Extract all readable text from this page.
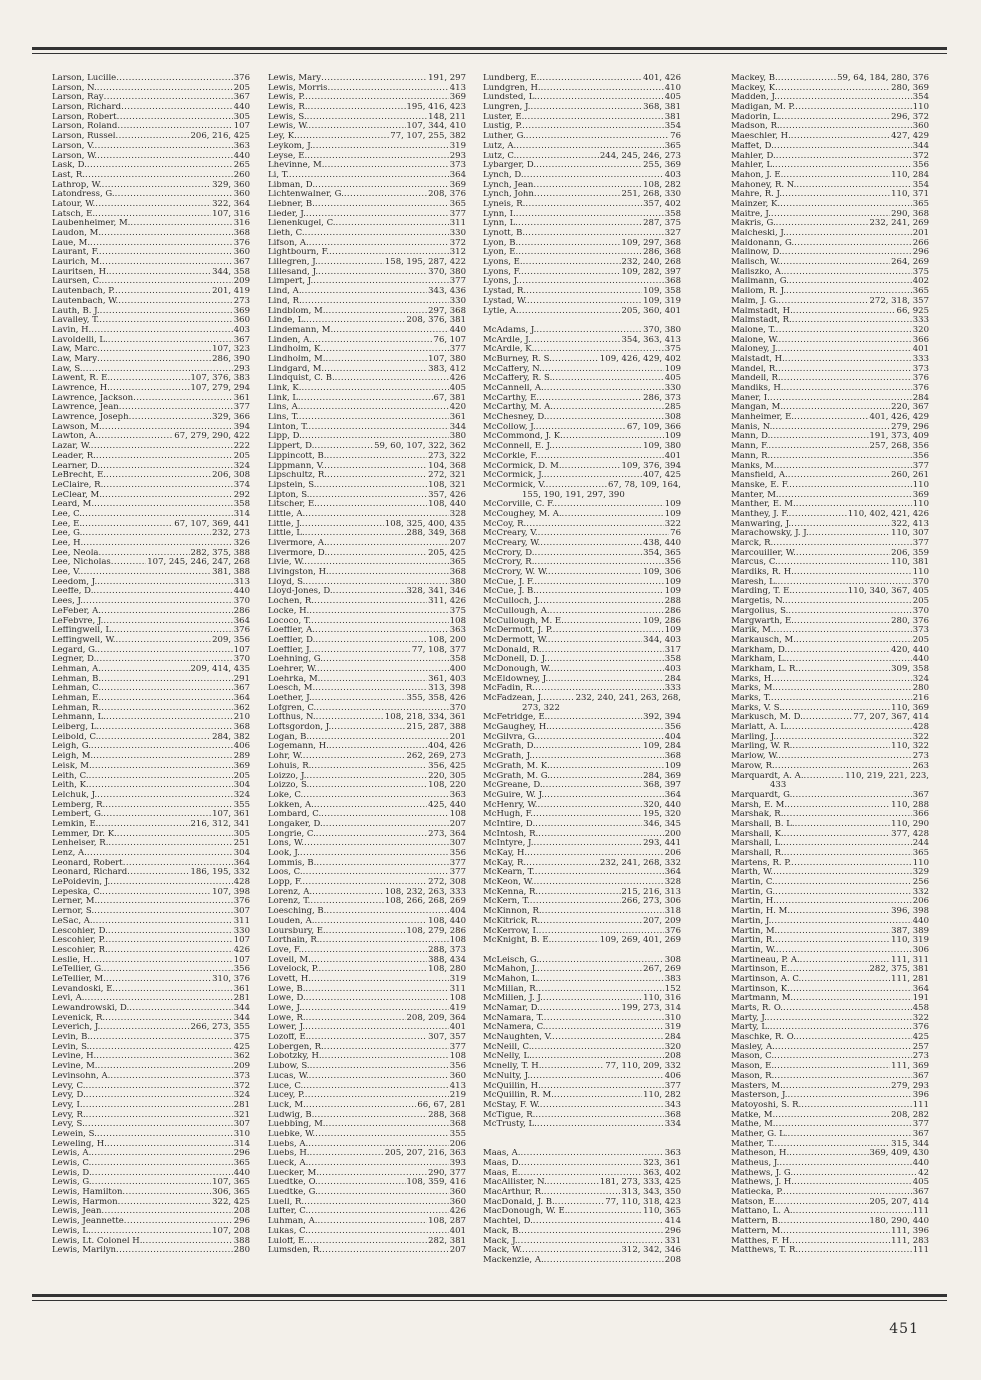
Larson, Lucille .....	376
Larson, N. .....	205
Larson, Ray .....	367
Larson, Richard .....	440
Larson, Robert .....	305
Larson, Roland .....	107
Larson, Russel .....	206, 216, 425
Larson, V. .....	363
Larson, W. .....	440
Lask, D. .....	265
Last, R. .....	260
Lathrop, W. .....	329, 360
Latondress, G. .....	360
Latour, W. .....	322, 364
Latsch, E. .....	107, 316
Laubenheimer, M. .....	316
Laudon, M. .....	368
Laue, M. .....	376
Laurant, F. .....	360
Laurich, M. .....	367
Lauritsen, H. .....	344, 358
Laursen, C. .....	209
Lautenbach, P. .....	201, 419
Lautenbach, W. .....	273
Lauth, B. J. .....	369
Lavalley, T. .....	360
Lavin, H. .....	403
Lavoldelli, L. .....	367
Law, Marc .....	107, 323
Law, Mary .....	286, 390
Law, S. .....	293
Lawent, R. E. .....	107, 376, 383
Lawrence, H. .....	107, 279, 294
Lawrence, Jackson .....	361
Lawrence, Jean .....	377
Lawrence, Joseph .....	329, 366
Lawson, M. .....	394
Lawton, A. .....	67, 279, 290, 422
Lazar, W. .....	222
Leader, R. .....	205
Learner, D. .....	324
LeBrecht, E. .....	206, 308
LeClaire, R. .....	374
LeClear, M. .....	292
Leard, M. .....	358
Lee, C. .....	314
Lee, E. .....	67, 107, 369, 441
Lee, G. .....	232, 273
Lee, H. .....	326
Lee, Neola .....	282, 375, 388
Lee, Nicholas .....	107, 245, 246, 247, 268
Lee, V. .....	381, 388
Leedom, J. .....	313
Leeffe, D. .....	440
Lees, J. .....	370
LeFeber, A. .....	286
LeFebvre, J. .....	364
Leffingwell, L. .....	376
Leffingwell, W. .....	209, 356
Legard, G. .....	107
Legner, D. .....	370
Lehman, A. .....	209, 414, 435
Lehman, B. .....	291
Lehman, C. .....	367
Lehman, E. .....	364
Lehman, R. .....	362
Lehmann, L. .....	210
Leiberg, L. .....	368
Leibold, C. .....	284, 382
Leigh, G. .....	406
Leigh, M. .....	289
Leisk, M. .....	369
Leith, C. .....	205
Leith, K. .....	304
Lelchuk, J. .....	324
Lemberg, R. .....	355
Lembert, G. .....	107, 361
Lemkin, E. .....	216, 312, 341
Lemmer, Dr. K. .....	305
Lenheiser, R. .....	251
Lenz, A. .....	304
Leonard, Robert .....	364
Leonard, Richard .....	186, 195, 332
LePoidevin, J. .....	428
Lepeska, C. .....	107, 398
Lerner, M. .....	376
Lernor, S. .....	307
LeSac, A. .....	311
Lescohier, D. .....	330
Lescohier, P. .....	107
Lescohier, R. .....	426
Leslie, H. .....	107
LeTellier, G. .....	356
LeTellier, M. .....	310, 376
Levandoski, E. .....	361
Levi, A. .....	281
Lewandrowski, D. .....	344
Levenick, R. .....	344
Leverich, J. .....	266, 273, 355
Levin, B. .....	375
Levin, S. .....	425
Levine, H. .....	362
Levine, M. .....	209
Levinsohn, A. .....	373
Levy, C. .....	372
Levy, D. .....	324
Levy, I. .....	281
Levy, R. .....	321
Levy, S. .....	307
Lewein, S. .....	310
Leweling, H. .....	314
Lewis, A. .....	296
Lewis, C. .....	365
Lewis, D. .....	440
Lewis, G. .....	107, 365
Lewis, Hamilton .....	306, 365
Lewis, Harmon .....	322, 425
Lewis, Jean .....	208
Lewis, Jeannette .....	296
Lewis, L. .....	107, 208
Lewis, Lt. Colonel H. .....	388
Lewis, Marilyn .....	280
Lewis, Mary .....	191, 297
Lewis, Morris .....	413
Lewis, P. .....	369
Lewis, R. .....	195, 416, 423
Lewis, S. .....	148, 211
Lewis, W. .....	107, 344, 410
Ley, K. .....	77, 107, 255, 382
Leykom, J. .....	319
Leyse, E. .....	293
Lhevinne, M. .....	373
Li, T. .....	364
Libman, D. .....	369
Lichtenwalner, G. .....	208, 376
Liebner, B. .....	365
Lieder, J. .....	377
Lienenkugel, C. .....	311
Lieth, C. .....	330
Lifson, A. .....	372
Lightbourn, F. .....	312
Lillegren, J. .....	158, 195, 287, 422
Lillesand, J. .....	370, 380
Limpert, J. .....	377
Lind, A. .....	343, 436
Lind, R. .....	330
Lindblom, M. .....	297, 368
Linde, L. .....	208, 376, 381
Lindemann, M. .....	440
Linden, A. .....	76, 107
Lindholm, K. .....	377
Lindholm, M. .....	107, 380
Lindgard, M. .....	383, 412
Lindquist, C. B. .....	426
Link, K. .....	405
Link, L. .....	67, 381
Lins, A. .....	420
Lins, T. .....	361
Linton, T. .....	344
Lipp, D. .....	380
Lippert, D. .....	59, 60, 107, 322, 362
Lippincott, B. .....	273, 322
Lippmann, V. .....	104, 368
Lipschultz, R. .....	272, 321
Lipstein, S. .....	108, 321
Lipton, S. .....	357, 426
Litscher, E. .....	108, 440
Little, A. .....	328
Little, J. .....	108, 325, 400, 435
Little, L. .....	288, 349, 368
Livermore, A. .....	207
Livermore, D. .....	205, 425
Livie, W. .....	365
Livingston, H. .....	368
Lloyd, S. .....	380
Lloyd-Jones, D. .....	328, 341, 346
Lochen, R. .....	311, 426
Locke, H. .....	375
Lococo, T. .....	108
Loeffler, A. .....	363
Loeffler, D. .....	108, 200
Loeffler, J. .....	77, 108, 377
Loehning, G. .....	358
Loehrer, W. .....	400
Loehrka, M. .....	361, 403
Loesch, M. .....	313, 398
Loether, J. .....	355, 358, 426
Lofgren, C. .....	370
Lofthus, N. .....	108, 218, 334, 361
Loftsgordon, J. .....	215, 287, 388
Logan, B. .....	201
Logemann, H. .....	404, 426
Lohr, W. .....	262, 269, 273
Lohuis, R. .....	356, 425
Loizzo, J. .....	220, 305
Loizzo, S. .....	108, 220
Loke, C. .....	363
Lokken, A. .....	425, 440
Lombard, C. .....	108
Longaker, D. .....	207
Longrie, C. .....	273, 364
Lons, W. .....	307
Look, J. .....	356
Lommis, B. .....	377
Loos, C. .....	377
Lopp, F. .....	272, 308
Lorenz, A. .....	108, 232, 263, 333
Lorenz, T. .....	108, 266, 268, 269
Loesching, B. .....	404
Louden, A. .....	108, 440
Loursbury, E. .....	108, 279, 286
Lorthain, R. .....	108
Love, F. .....	288, 373
Lovell, M. .....	388, 434
Lovelock, P. .....	108, 280
Lovett, H. .....	319
Lowe, B. .....	311
Lowe, D. .....	108
Lowe, J. .....	419
Lowe, R. .....	208, 209, 364
Lower, J. .....	401
Lozoff, E. .....	307, 357
Lobergen, R. .....	377
Lobotzky, H. .....	108
Lubow, S. .....	356
Lucas, W. .....	360
Luce, C. .....	413
Lucey, P. .....	219
Luck, M. .....	66, 67, 281
Ludwig, B. .....	288, 368
Luebbing, M. .....	368
Luebke, W. .....	355
Luebs, A. .....	206
Luebs, H. .....	205, 207, 216, 363
Lueck, A. .....	393
Luecker, M. .....	290, 377
Luedtke, O. .....	108, 359, 416
Luedtke, G. .....	360
Luell, R. .....	360
Lufter, C. .....	426
Luhman, A. .....	108, 287
Lukas, C. .....	401
Luloff, E. .....	282, 381
Lumsden, R. .....	207
Lundberg, E. .....	401, 426
Lundgren, H. .....	410
Lundsted, L. .....	405
Lungren, J. .....	368, 381
Luster, E. .....	381
Lustig, P. .....	354
Luther, G. .....	76
Lutz, A. .....	365
Lutz, C. .....	244, 245, 246, 273
Lybarger, D. .....	255, 369
Lynch, D. .....	403
Lynch, Jean .....	108, 282
Lynch, John .....	251, 268, 330
Lyneis, R. .....	357, 402
Lynn, I. .....	358
Lynn, L. .....	287, 375
Lynott, B. .....	327
Lyon, B. .....	109, 297, 368
Lyon, E. .....	286, 368
Lyons, E. .....	232, 240, 268
Lyons, F. .....	109, 282, 397
Lyons, J. .....	368
Lystad, R. .....	109, 358
Lystad, W. .....	109, 319
Lytle, A. .....	205, 360, 401
McAdams, J. .....	370, 380
McArdle, J. .....	354, 363, 413
McArdle, K. .....	375
McBurney, R. S. .....	109, 426, 429, 402
McCaffery, N. .....	109
McCaffery, R. S. .....	405
McCannell, A. .....	330
McCarthy, E. .....	286, 373
McCarthy, M. A. .....	285
McChesney, D. .....	308
McCollow, J. .....	67, 109, 366
McCommond, J. K. .....	109
McConnell, E. J. .....	109, 380
McCorkle, F. .....	401
McCormick, D. M. .....	109, 376, 394
McCormick, J. .....	407, 425
McCormick, V. .....	67, 78, 109, 164,
155, 190, 191, 297, 390
McCorville, C. F. .....	109
McCoughey, M. A. .....	109
McCoy, R. .....	322
McCreary, V. .....	76
McCreary, W. .....	438, 440
McCrory, D. .....	354, 365
McCrory, R. .....	356
McCrory, W. W. .....	109, 306
McCue, J. F. .....	109
McCue, J. B. .....	109
McCulloch, J. .....	288
McCullough, A. .....	286
McCullough, M. E. .....	109, 286
McDermott, J. P. .....	109
McDermott, W. .....	344, 403
McDonald, R. .....	317
McDonell, D. J. .....	358
McDonough, W. .....	403
McEldowney, J. .....	284
McFadin, R. .....	333
McFadzean, J. .....	232, 240, 241, 263, 268,
273, 322
McFetridge, E. .....	392, 394
McGaughey, H. .....	356
McGilvra, G. .....	404
McGrath, D. .....	109, 284
McGrath, J. .....	368
McGrath, M. K. .....	109
McGrath, M. G. .....	284, 369
McGreane, D. .....	368, 397
McGuire, W. J. .....	364
McHenry, W. .....	320, 440
McHugh, F. .....	195, 320
McIntire, D. .....	346, 345
McIntosh, R. .....	200
McIntyre, J. .....	293, 441
McKay, H. .....	206
McKay, R. .....	232, 241, 268, 332
McKearn, T. .....	364
McKeon, W. .....	328
McKenna, R. .....	215, 216, 313
McKern, T. .....	266, 273, 306
McKinnon, R. .....	318
McKitrick, R. .....	207, 209
McKerrow, I. .....	376
McKnight, B. E. .....	109, 269, 401, 269
McLeisch, G. .....	308
McMahon, J. .....	267, 269
McMahon, L. .....	383
McMillan, R. .....	152
McMillen, J. J. .....	110, 316
McNamar, D. .....	199, 273, 314
McNamara, T. .....	310
McNamera, C. .....	319
McNaughten, V. .....	284
McNeill, C. .....	320
McNelly, L. .....	208
Mcnelly, T. H. .....	77, 110, 209, 332
McNulty, J. .....	406
McQuillin, H. .....	377
McQuillin, R. M. .....	110, 282
McStay, F. W. .....	343
McTigue, R. .....	368
McTrusty, L. .....	334
Maas, A. .....	363
Maas, D. .....	323, 361
Maas, E. .....	363, 402
MacAllister, N. .....	181, 273, 333, 425
MacArthur, R. .....	313, 343, 350
MacDonald, J. B. .....	77, 110, 318, 423
MacDonough, W. E. .....	110, 365
Machtel, D. .....	414
Mack, B. .....	296
Mack, J. .....	331
Mack, W. .....	312, 342, 346
Mackenzie, A. .....	208
Mackey, B. .....	59, 64, 184, 280, 376
Mackey, K. .....	280, 369
Madden, J. .....	354
Madigan, M. P. .....	110
Madorin, L. .....	296, 372
Madson, R. .....	360
Maeschler, H. .....	427, 429
Maffet, D. .....	344
Mahler, D. .....	372
Mahler, L. .....	356
Mahon, J. E. .....	110, 284
Mahoney, R. N. .....	354
Mahre, R. J. .....	110, 371
Mainzer, K. .....	365
Maitre, J. .....	290, 368
Makris, G. .....	232, 241, 269
Malcheski, J. .....	201
Maldonann, G. .....	266
Malinow, D. .....	296
Malisch, W. .....	264, 269
Maliszko, A. .....	375
Mallmann, G. .....	402
Mallom, R. J. .....	365
Malm, J. G. .....	272, 318, 357
Malmstadt, H. .....	66, 925
Malmstadt, R. .....	333
Malone, T. .....	320
Malone, W. .....	366
Maloney, J. .....	401
Malstadt, H. .....	333
Mandel, R. .....	373
Mandell, R. .....	376
Mandiks, H. .....	376
Maner, I. .....	284
Mangan, M. .....	220, 367
Manheimer, E. .....	401, 426, 429
Manis, N. .....	279, 296
Mann, D. .....	191, 373, 409
Mann, F. .....	257, 268, 356
Mann, R. .....	356
Manks, M. .....	377
Mansfield, A. .....	260, 261
Manske, E. F. .....	110
Manter, M. .....	369
Manther, E. M. .....	110
Manthey, J. F. .....	110, 402, 421, 426
Manwaring, J. .....	322, 413
Marachowsky, J. J. .....	110, 307
Marck, R. .....	377
Marcouiller, W. .....	206, 359
Marcus, C. .....	110, 381
Mardiks, R. H. .....	110
Maresh, L. .....	370
Marding, T. E. .....	110, 340, 367, 405
Margetis, N. .....	205
Margolius, S. .....	370
Margwarth, E. .....	280, 376
Marik, M. .....	373
Markausch, M. .....	205
Markham, D. .....	420, 440
Markham, L. .....	440
Markham, L. R. .....	309, 358
Marks, H. .....	324
Marks, M. .....	280
Marks, T. .....	216
Marks, V. S. .....	110, 369
Markusch, M. D. .....	77, 207, 367, 414
Marlatt, A. L. .....	428
Marling, J. .....	322
Marling, W. R. .....	110, 322
Marlow, W. .....	273
Marow, R. .....	263
Marquardt, A. A. .....	110, 219, 221, 223,
433
Marquardt, G. .....	367
Marsh, E. M. .....	110, 288
Marshak, R. .....	366
Marshall, B. L. .....	110, 290
Marshall, K. .....	377, 428
Marshall, L. .....	244
Marshall, R. .....	365
Martens, R. P. .....	110
Marth, W. .....	329
Martin, C. .....	256
Martin, G. .....	332
Martin, H. .....	206
Martin, H. M. .....	396, 398
Martin, J. .....	440
Martin, M. .....	387, 389
Martin, R. .....	110, 319
Martin, W. .....	306
Martineau, P. A. .....	111, 311
Martinson, E. .....	282, 375, 381
Martinson, A. C. .....	111, 281
Martinson, K. .....	364
Martmann, M. .....	191
Marts, R. O. .....	458
Marty, J. .....	322
Marty, L. .....	376
Maschke, R. O. .....	425
Masley, A. .....	257
Mason, C. .....	273
Mason, E. .....	111, 369
Mason, R. .....	367
Masters, M. .....	279, 293
Masterson, J. .....	396
Matoyoshi, S. R. .....	111
Matke, M. .....	208, 282
Mathe, M. .....	377
Mather, G. L. .....	367
Mather, T. .....	315, 344
Matheson, H. .....	369, 409, 430
Matheus, J. .....	440
Mathews, J. G. .....	42
Mathews, J. H. .....	405
Matiecka, P. .....	367
Matson, E. .....	205, 207, 414
Mattano, L. A. .....	111
Mattern, B. .....	180, 290, 440
Mattern, M. .....	111, 396
Matthes, F. H. .....	111, 283
Matthews, T. R. .....	111
451
